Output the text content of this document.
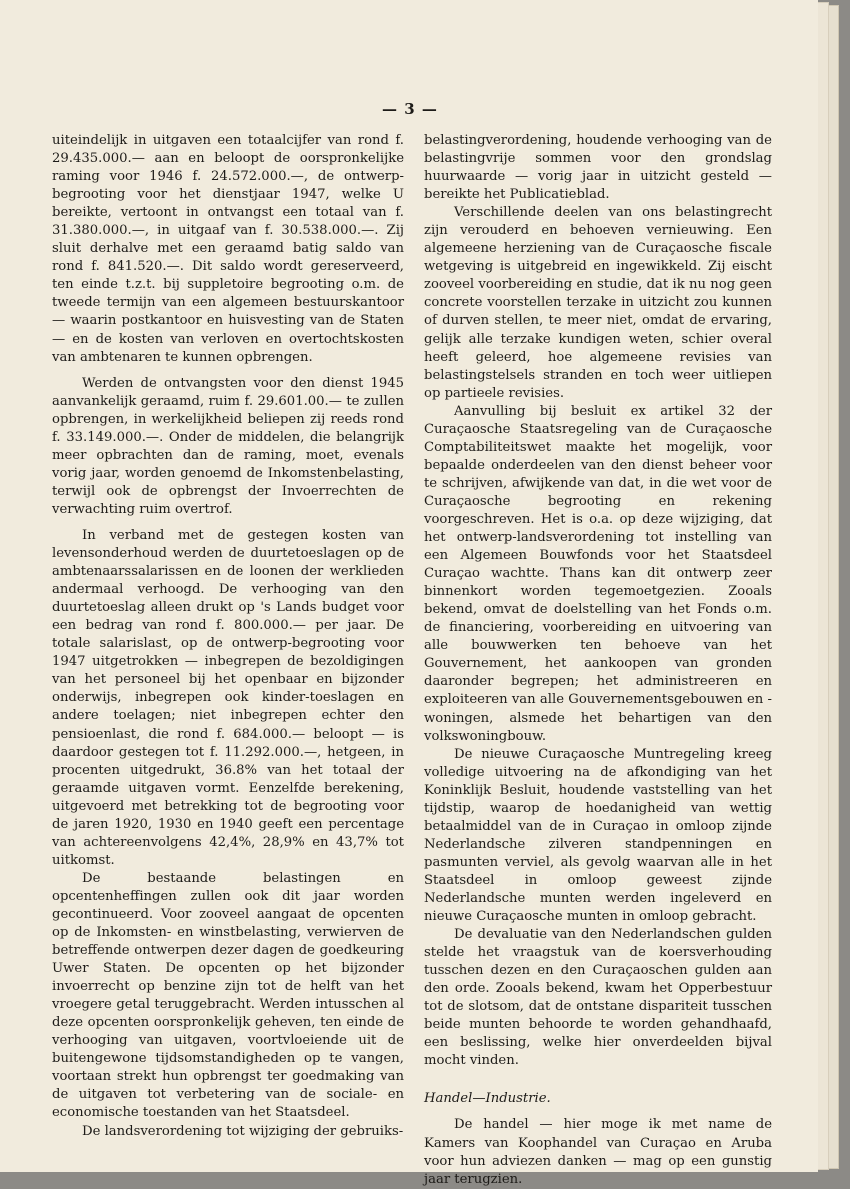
— 3 —

uiteindelijk in uitgaven een totaalcijfer van rond f. 29.435.000.— aan en beloopt de oorspronkelijke raming voor 1946 f. 24.572.000.—, de ontwerp-begrooting voor het dienstjaar 1947, welke U bereikte, vertoont in ontvangst een totaal van f. 31.380.000.—, in uitgaaf van f. 30.538.000.—. Zij sluit derhalve met een geraamd batig saldo van rond f. 841.520.—. Dit saldo wordt gereserveerd, ten einde t.z.t. bij suppletoire begrooting o.m. de tweede termijn van een algemeen bestuurskantoor — waarin postkantoor en huisvesting van de Staten — en de kosten van verloven en overtochtskosten van ambtenaren te kunnen opbrengen.

Werden de ontvangsten voor den dienst 1945 aanvankelijk geraamd, ruim f. 29.601.00.— te zullen opbrengen, in werkelijkheid beliepen zij reeds rond f. 33.149.000.—. Onder de middelen, die belangrijk meer opbrachten dan de raming, moet, evenals vorig jaar, worden genoemd de Inkomstenbelasting, terwijl ook de opbrengst der Invoerrechten de verwachting ruim overtrof.

In verband met de gestegen kosten van levensonderhoud werden de duurtetoeslagen op de ambtenaarssalarissen en de loonen der werklieden andermaal verhoogd. De verhooging van den duurtetoeslag alleen drukt op 's Lands budget voor een bedrag van rond f. 800.000.— per jaar. De totale salarislast, op de ontwerp-begrooting voor 1947 uitgetrokken — inbegrepen de bezoldigingen van het personeel bij het openbaar en bijzonder onderwijs, inbegrepen ook kinder-toeslagen en andere toelagen; niet inbegrepen echter den pensioenlast, die rond f. 684.000.— beloopt — is daardoor gestegen tot f. 11.292.000.—, hetgeen, in procenten uitgedrukt, 36.8% van het totaal der geraamde uitgaven vormt. Eenzelfde berekening, uitgevoerd met betrekking tot de begrooting voor de jaren 1920, 1930 en 1940 geeft een percentage van achtereenvolgens 42,4%, 28,9% en 43,7% tot uitkomst.

De bestaande belastingen en opcentenheffingen zullen ook dit jaar worden gecontinueerd. Voor zooveel aangaat de opcenten op de Inkomsten- en winstbelasting, verwierven de betreffende ontwerpen dezer dagen de goedkeuring Uwer Staten. De opcenten op het bijzonder invoerrecht op benzine zijn tot de helft van het vroegere getal teruggebracht. Werden intusschen al deze opcenten oorspronkelijk geheven, ten einde de verhooging van uitgaven, voortvloeiende uit de buitengewone tijdsomstandigheden op te vangen, voortaan strekt hun opbrengst ter goedmaking van de uitgaven tot verbetering van de sociale- en economische toestanden van het Staatsdeel.

De landsverordening tot wijziging der gebruiks-

belastingverordening, houdende verhooging van de belastingvrije sommen voor den grondslag huurwaarde — vorig jaar in uitzicht gesteld — bereikte het Publicatieblad.

Verschillende deelen van ons belastingrecht zijn verouderd en behoeven vernieuwing. Een algemeene herziening van de Curaçaosche fiscale wetgeving is uitgebreid en ingewikkeld. Zij eischt zooveel voorbereiding en studie, dat ik nu nog geen concrete voorstellen terzake in uitzicht zou kunnen of durven stellen, te meer niet, omdat de ervaring, gelijk alle terzake kundigen weten, schier overal heeft geleerd, hoe algemeene revisies van belastingstelsels stranden en toch weer uitliepen op partieele revisies.

Aanvulling bij besluit ex artikel 32 der Curaçaosche Staatsregeling van de Curaçaosche Comptabiliteitswet maakte het mogelijk, voor bepaalde onderdeelen van den dienst beheer voor te schrijven, afwijkende van dat, in die wet voor de Curaçaosche begrooting en rekening voorgeschreven. Het is o.a. op deze wijziging, dat het ontwerp-landsverordening tot instelling van een Algemeen Bouwfonds voor het Staatsdeel Curaçao wachtte. Thans kan dit ontwerp zeer binnenkort worden tegemoetgezien. Zooals bekend, omvat de doelstelling van het Fonds o.m. de financiering, voorbereiding en uitvoering van alle bouwwerken ten behoeve van het Gouvernement, het aankoopen van gronden daaronder begrepen; het administreeren en exploiteeren van alle Gouvernementsgebouwen en - woningen, alsmede het behartigen van den volkswoningbouw.

De nieuwe Curaçaosche Muntregeling kreeg volledige uitvoering na de afkondiging van het Koninklijk Besluit, houdende vaststelling van het tijdstip, waarop de hoedanigheid van wettig betaalmiddel van de in Curaçao in omloop zijnde Nederlandsche zilveren standpenningen en pasmunten verviel, als gevolg waarvan alle in het Staatsdeel in omloop geweest zijnde Nederlandsche munten werden ingeleverd en nieuwe Curaçaosche munten in omloop gebracht.

De devaluatie van den Nederlandschen gulden stelde het vraagstuk van de koersverhouding tusschen dezen en den Curaçaoschen gulden aan den orde. Zooals bekend, kwam het Opperbestuur tot de slotsom, dat de ontstane dispariteit tusschen beide munten behoorde te worden gehandhaafd, een beslissing, welke hier onverdeelden bijval mocht vinden.

Handel—Industrie.

De handel — hier moge ik met name de Kamers van Koophandel van Curaçao en Aruba voor hun adviezen danken — mag op een gunstig jaar terugzien.
